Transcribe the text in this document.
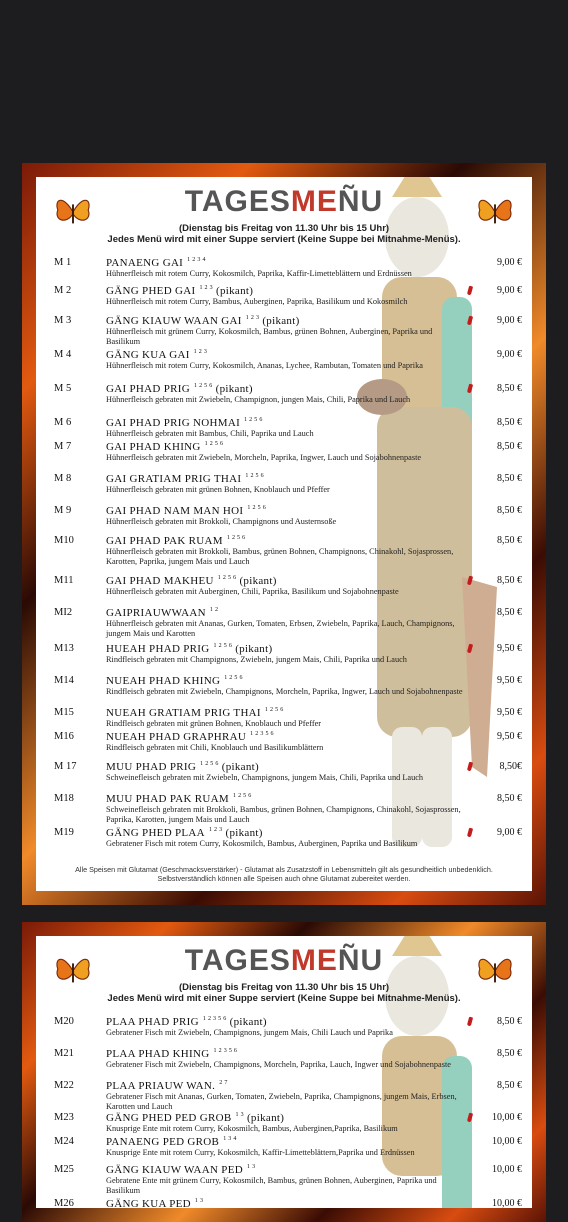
TAGESMEÑU
(Dienstag bis Freitag von 11.30 Uhr bis 15 Uhr)
Jedes Menü wird mit einer Suppe serviert (Keine Suppe bei Mitnahme-Menüs).
M 1	PANAENG GAI $^{1 2 3 4}$
Hühnerfleisch mit rotem Curry, Kokosmilch, Paprika, Kaffir-Limetteblättern und Erdnüssen
9,00 €
M 2	GÄNG PHED GAI $^{1 2 3}$ (pikant)
Hühnerfleisch mit rotem Curry, Bambus, Auberginen, Paprika, Basilikum und Kokosmilch
9,00 €
M 3	GÄNG KIAUW WAAN GAI $^{1 2 3}$ (pikant)
Hühnerfleisch mit grünem Curry, Kokosmilch, Bambus, grünen Bohnen, Auberginen, Paprika und Basilikum
9,00 €
M 4	GÄNG KUA GAI $^{1 2 3}$
Hühnerfleisch mit rotem Curry, Kokosmilch, Ananas, Lychee, Rambutan, Tomaten und Paprika
9,00 €
M 5	GAI PHAD PRIG $^{1 2 5 6}$ (pikant)
Hühnerfleisch gebraten mit Zwiebeln, Champignon, jungen Mais, Chili, Paprika und Lauch
8,50 €
M 6	GAI PHAD PRIG NOHMAI $^{1 2 5 6}$
Hühnerfleisch gebraten mit Bambus, Chili, Paprika und Lauch
8,50 €
M 7	GAI PHAD KHING $^{1 2 5 6}$
Hühnerfleisch gebraten mit Zwiebeln, Morcheln, Paprika, Ingwer, Lauch und Sojabohnenpaste
8,50 €
M 8	GAI GRATIAM PRIG THAI $^{1 2 5 6}$
Hühnerfleisch gebraten mit grünen Bohnen, Knoblauch und Pfeffer
8,50 €
M 9	GAI PHAD NAM MAN HOI $^{1 2 5 6}$
Hühnerfleisch gebraten mit Brokkoli, Champignons und Austernsoße
8,50 €
M10	GAI PHAD PAK RUAM $^{1 2 5 6}$
Hühnerfleisch gebraten mit Brokkoli, Bambus, grünen Bohnen, Champignons, Chinakohl, Sojasprossen, Karotten, Paprika, jungem Mais und Lauch
8,50 €
M11	GAI PHAD MAKHEU $^{1 2 5 6}$ (pikant)
Hühnerfleisch gebraten mit Auberginen, Chili, Paprika, Basilikum und Sojabohnenpaste
8,50 €
MI2	GAIPRIAUWWAAN $^{1 2}$
Hühnerfleisch gebraten mit Ananas, Gurken, Tomaten, Erbsen, Zwiebeln, Paprika, Lauch, Champignons, jungem Mais und Karotten
8,50 €
M13	HUEAH PHAD PRIG $^{1 2 5 6}$ (pikant)
Rindfleisch gebraten mit Champignons, Zwiebeln, jungem Mais, Chili, Paprika und Lauch
9,50 €
M14	NUEAH PHAD KHING $^{1 2 5 6}$
Rindfleisch gebraten mit Zwiebeln, Champignons, Morcheln, Paprika, Ingwer, Lauch und Sojabohnenpaste
9,50 €
M15	NUEAH GRATIAM PRIG THAI $^{1 2 5 6}$
Rindfleisch gebraten mit grünen Bohnen, Knoblauch und Pfeffer
9,50 €
M16	NUEAH PHAD GRAPHRAU $^{1 2 3 5 6}$
Rindfleisch gebraten mit Chili, Knoblauch und Basilikumblättern
9,50 €
M 17	MUU PHAD PRIG $^{1 2 5 6}$ (pikant)
Schweinefleisch gebraten mit Zwiebeln, Champignons, jungem Mais, Chili, Paprika und Lauch
8,50€
M18	MUU PHAD PAK RUAM $^{1 2 5 6}$
Schweinefleisch gebraten mit Brokkoli, Bambus, grünen Bohnen, Champignons, Chinakohl, Sojasprossen, Paprika, Karotten, jungem Mais und Lauch
8,50 €
M19	GÄNG PHED PLAA $^{1 2 3}$ (pikant)
Gebratener Fisch mit rotem Curry, Kokosmilch, Bambus, Auberginen, Paprika und Basilikum
9,00 €
Alle Speisen mit Glutamat (Geschmacksverstärker) - Glutamat als Zusatzstoff in Lebensmitteln gilt als gesundheitlich unbedenklich.
Selbstverständlich können alle Speisen auch ohne Glutamat zubereitet werden.
TAGESMEÑU
(Dienstag bis Freitag von 11.30 Uhr bis 15 Uhr)
Jedes Menü wird mit einer Suppe serviert (Keine Suppe bei Mitnahme-Menüs).
M20	PLAA PHAD PRIG $^{1 2 3 5 6}$ (pikant)
Gebratener Fisch mit Zwiebeln, Champignons, jungem Mais, Chili Lauch und Paprika
8,50 €
M21	PLAA PHAD KHING $^{1 2 3 5 6}$
Gebratener Fisch mit Zwiebeln, Champignons, Morcheln, Paprika, Lauch, Ingwer und Sojabohnenpaste
8,50 €
M22	PLAA PRIAUW WAN. $^{2 7}$
Gebratener Fisch mit Ananas, Gurken, Tomaten, Zwiebeln, Paprika, Champignons, jungem Mais, Erbsen, Karotten und Lauch
8,50 €
M23	GÄNG PHED PED GROB $^{1 3}$ (pikant)
Knusprige Ente mit rotem Curry, Kokosmilch, Bambus, Auberginen,Paprika, Basilikum
10,00 €
M24	PANAENG PED GROB $^{1 3 4}$
Knusprige Ente mit rotem Curry, Kokosmilch, Kaffir-Limetteblättern,Paprika und Erdnüssen
10,00 €
M25	GÄNG KIAUW WAAN PED $^{1 3}$
Gebratene Ente mit grünem Curry, Kokosmilch, Bambus, grünen Bohnen, Auberginen, Paprika und Basilikum
10,00 €
M26	GÄNG KUA PED $^{1 3}$	10,00 €
